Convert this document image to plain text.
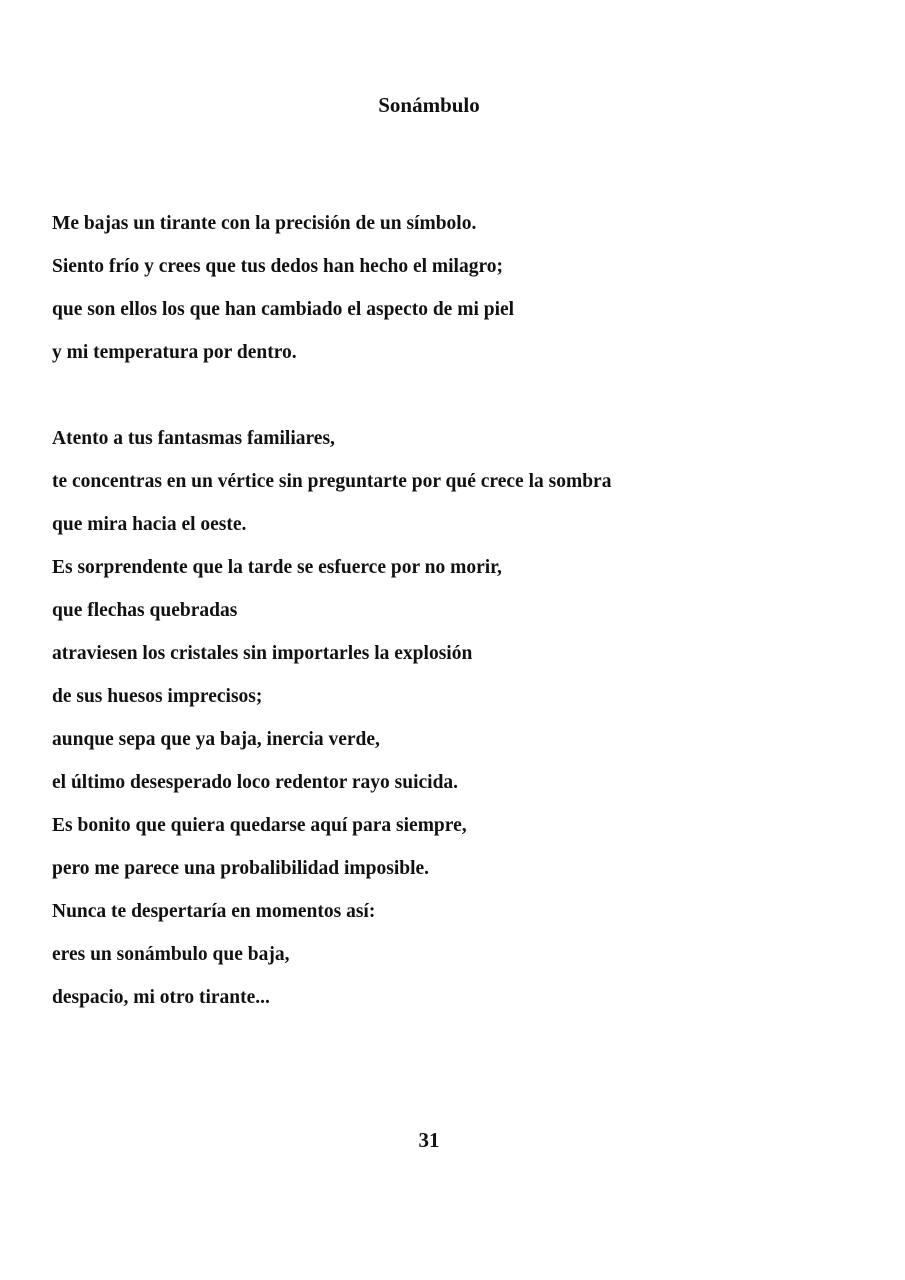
Sonámbulo
Me bajas un tirante con la precisión de un símbolo.
Siento frío y crees que tus dedos han hecho el milagro;
que son ellos los que han cambiado el aspecto de mi piel
y mi temperatura por dentro.
Atento a tus fantasmas familiares,
te concentras en un vértice sin preguntarte por qué crece la sombra
que mira hacia el oeste.
Es sorprendente que la tarde se esfuerce por no morir,
que flechas quebradas
atraviesen los cristales sin importarles la explosión
de sus huesos imprecisos;
aunque sepa que ya baja, inercia verde,
el último desesperado loco redentor rayo suicida.
Es bonito que quiera quedarse aquí para siempre,
pero me parece una probalibilidad imposible.
Nunca te despertaría en momentos así:
eres un sonámbulo que baja,
despacio, mi otro tirante...
31
